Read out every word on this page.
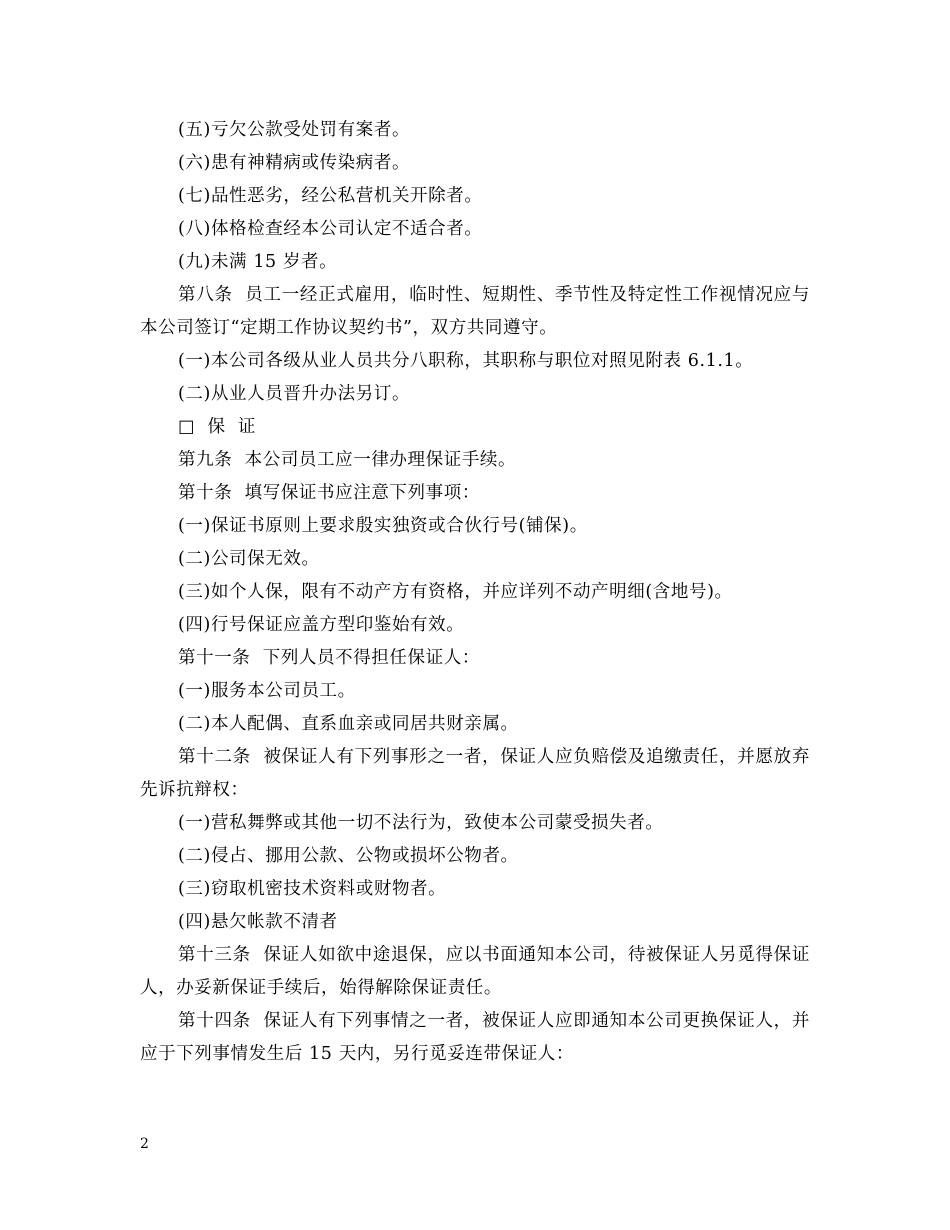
(五)亏欠公款受处罚有案者。

(六)患有神精病或传染病者。

(七)品性恶劣，经公私营机关开除者。

(八)体格检查经本公司认定不适合者。

(九)未满 15 岁者。

第八条  员工一经正式雇用，临时性、短期性、季节性及特定性工作视情况应与本公司签订“定期工作协议契约书”，双方共同遵守。

(一)本公司各级从业人员共分八职称，其职称与职位对照见附表 6.1.1。

(二)从业人员晋升办法另订。

□  保  证

第九条  本公司员工应一律办理保证手续。

第十条  填写保证书应注意下列事项：

(一)保证书原则上要求殷实独资或合伙行号(铺保)。

(二)公司保无效。

(三)如个人保，限有不动产方有资格，并应详列不动产明细(含地号)。

(四)行号保证应盖方型印鉴始有效。

第十一条  下列人员不得担任保证人：

(一)服务本公司员工。

(二)本人配偶、直系血亲或同居共财亲属。

第十二条  被保证人有下列事形之一者，保证人应负赔偿及追缴责任，并愿放弃先诉抗辩权：

(一)营私舞弊或其他一切不法行为，致使本公司蒙受损失者。

(二)侵占、挪用公款、公物或损坏公物者。

(三)窃取机密技术资料或财物者。

(四)悬欠帐款不清者

第十三条  保证人如欲中途退保，应以书面通知本公司，待被保证人另觅得保证人，办妥新保证手续后，始得解除保证责任。

第十四条  保证人有下列事情之一者，被保证人应即通知本公司更换保证人，并应于下列事情发生后 15 天内，另行觅妥连带保证人：

2
